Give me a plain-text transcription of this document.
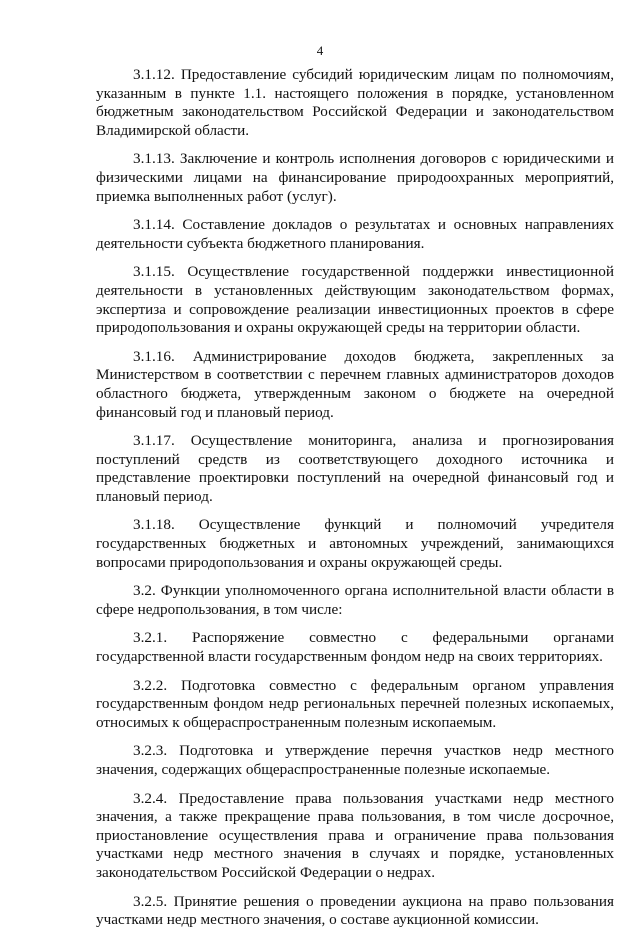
4

3.1.12. Предоставление субсидий юридическим лицам по полномочиям, указанным в пункте 1.1. настоящего положения в порядке, установленном бюджетным законодательством Российской Федерации и законодательством Владимирской области.

3.1.13. Заключение и контроль исполнения договоров с юридическими и физическими лицами на финансирование природоохранных мероприятий, приемка выполненных работ (услуг).

3.1.14. Составление докладов о результатах и основных направлениях деятельности субъекта бюджетного планирования.

3.1.15. Осуществление государственной поддержки инвестиционной деятельности в установленных действующим законодательством формах, экспертиза и сопровождение реализации инвестиционных проектов в сфере природопользования и охраны окружающей среды на территории области.

3.1.16. Администрирование доходов бюджета, закрепленных за Министерством в соответствии с перечнем главных администраторов доходов областного бюджета, утвержденным законом о бюджете на очередной финансовый год и плановый период.

3.1.17. Осуществление мониторинга, анализа и прогнозирования поступлений средств из соответствующего доходного источника и представление проектировки поступлений на очередной финансовый год и плановый период.

3.1.18. Осуществление функций и полномочий учредителя государственных бюджетных и автономных учреждений, занимающихся вопросами природопользования и охраны окружающей среды.

3.2. Функции уполномоченного органа исполнительной власти области в сфере недропользования, в том числе:

3.2.1. Распоряжение совместно с федеральными органами государственной власти государственным фондом недр на своих территориях.

3.2.2. Подготовка совместно с федеральным органом управления государственным фондом недр региональных перечней полезных ископаемых, относимых к общераспространенным полезным ископаемым.

3.2.3. Подготовка и утверждение перечня участков недр местного значения, содержащих общераспространенные полезные ископаемые.

3.2.4. Предоставление права пользования участками недр местного значения, а также прекращение права пользования, в том числе досрочное, приостановление осуществления права и ограничение права пользования участками недр местного значения в случаях и порядке, установленных законодательством Российской Федерации о недрах.

3.2.5. Принятие решения о проведении аукциона на право пользования участками недр местного значения, о составе аукционной комиссии.
